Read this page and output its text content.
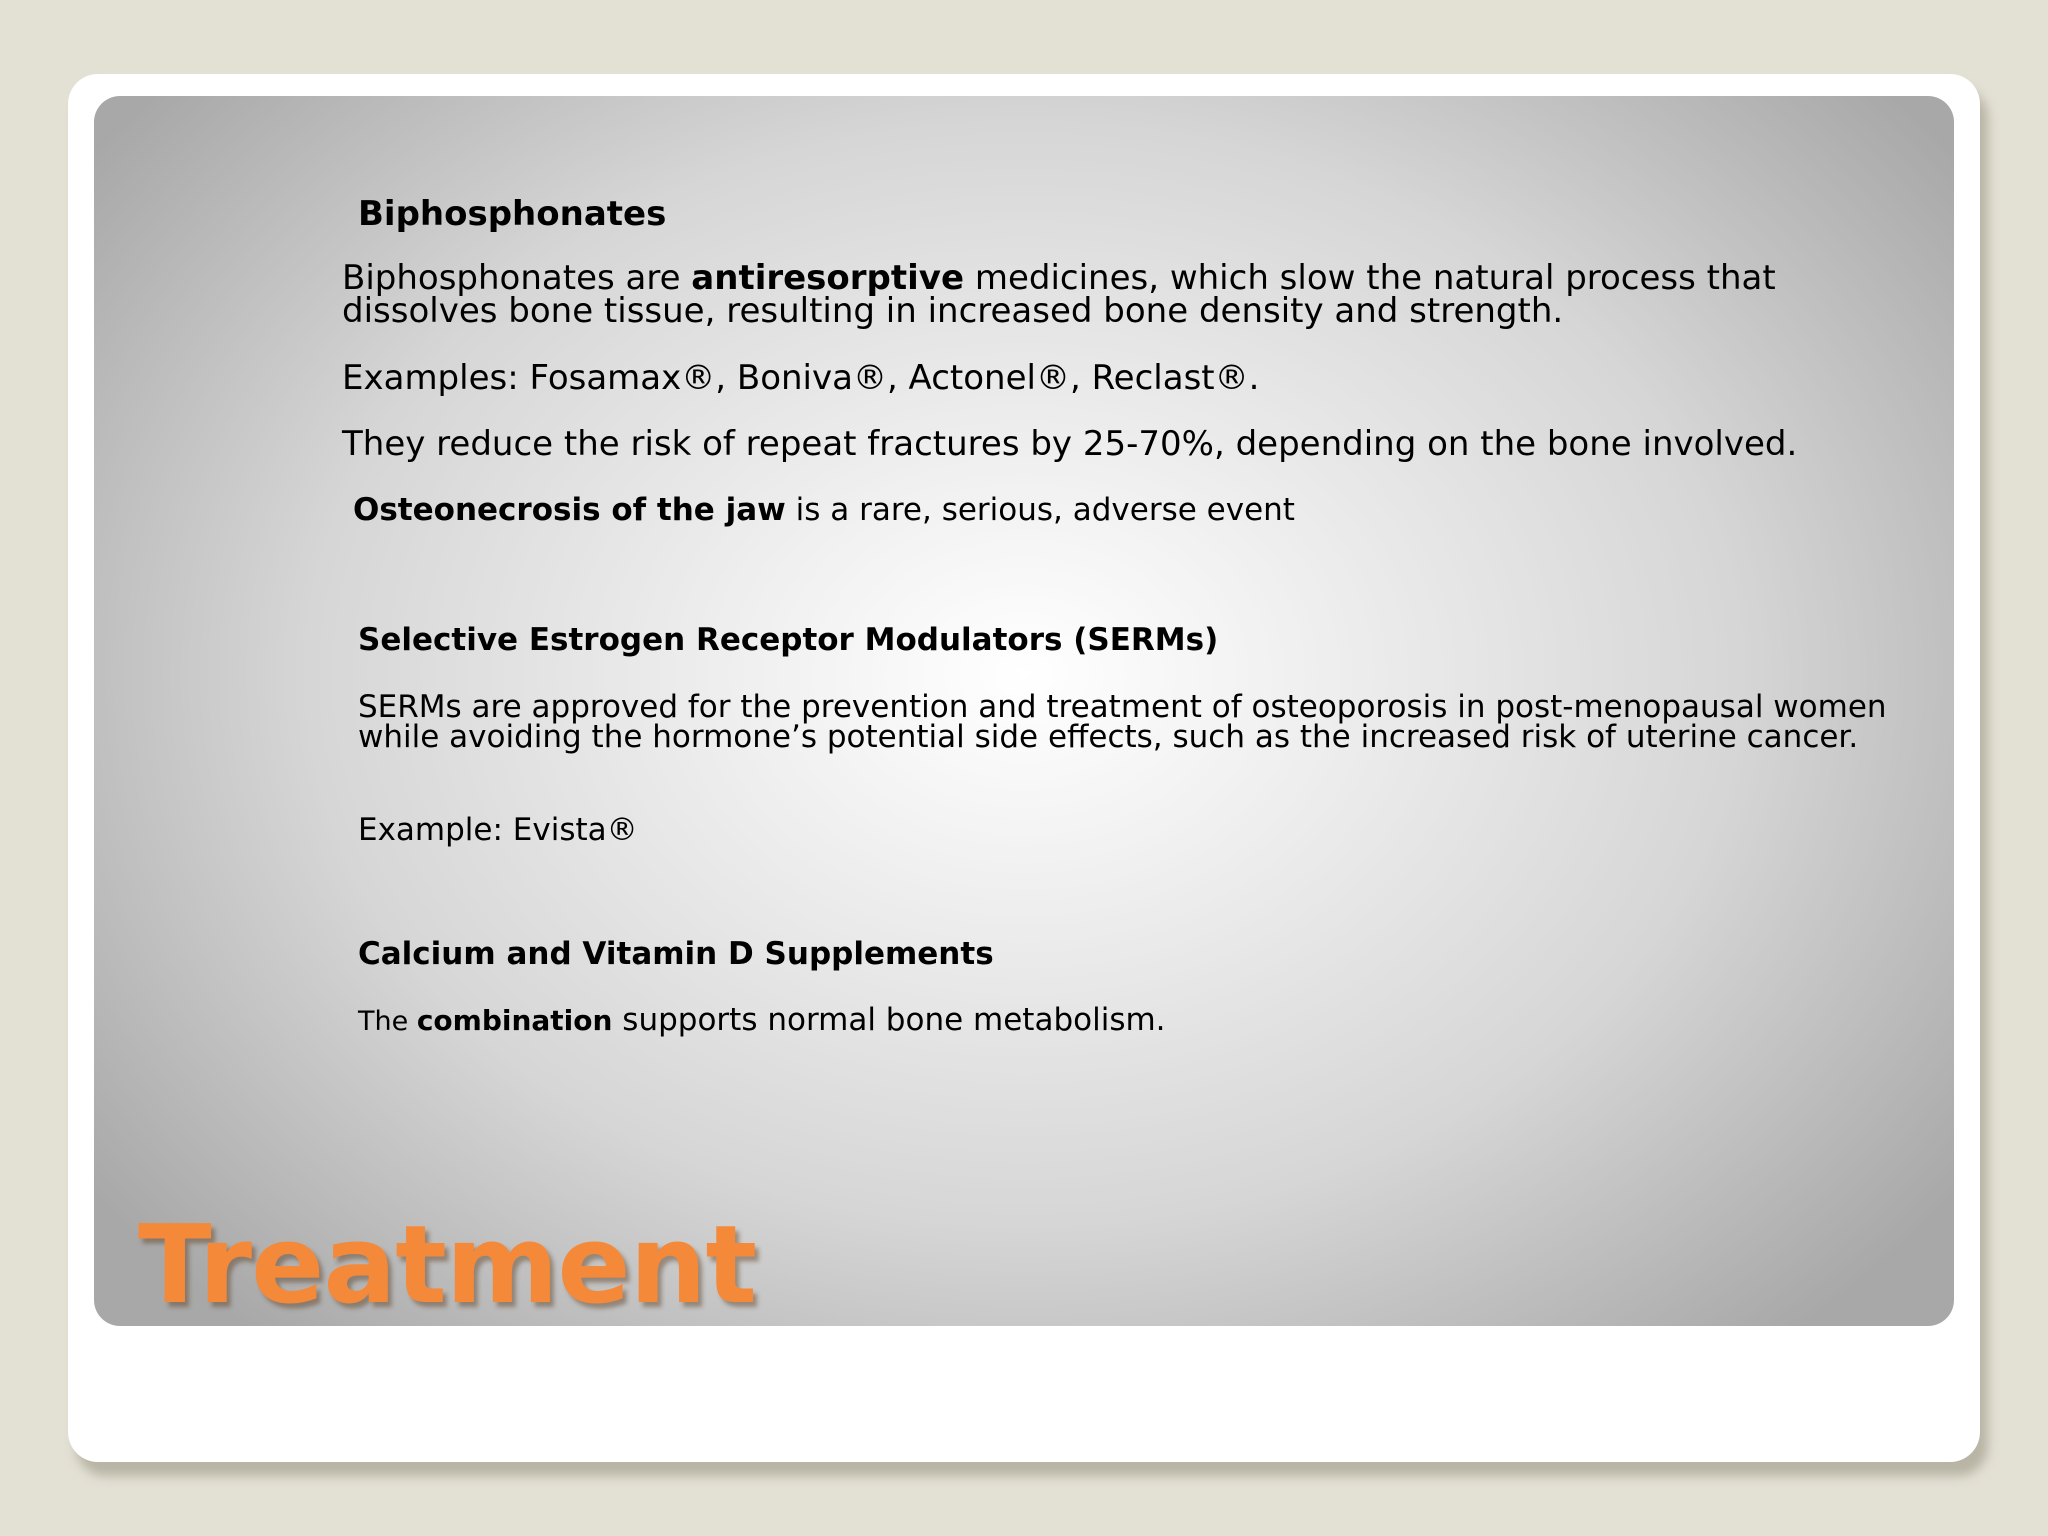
Biphosphonates

Biphosphonates are antiresorptive medicines, which slow the natural process that dissolves bone tissue, resulting in increased bone density and strength.

Examples: Fosamax®, Boniva®, Actonel®, Reclast®.

They reduce the risk of repeat fractures by 25-70%, depending on the bone involved.

Osteonecrosis of the jaw is a rare, serious, adverse event

Selective Estrogen Receptor Modulators (SERMs)

SERMs are approved for the prevention and treatment of osteoporosis in post-menopausal women while avoiding the hormone’s potential side effects, such as the increased risk of uterine cancer.

Example: Evista®

Calcium and Vitamin D Supplements

The combination supports normal bone metabolism.

Treatment
